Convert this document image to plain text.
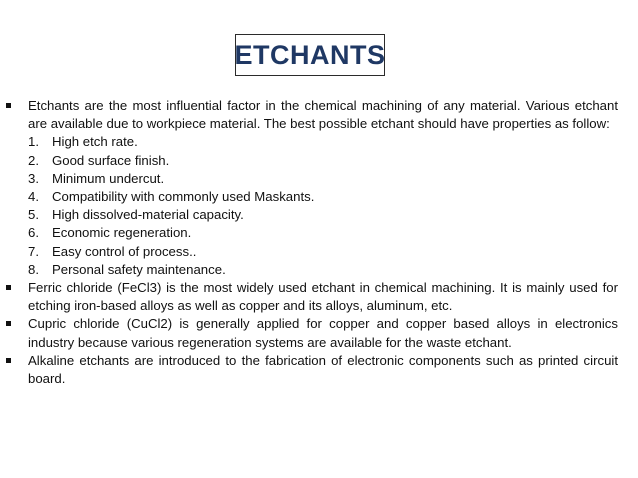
ETCHANTS

Etchants are the most influential factor in the chemical machining of any material. Various etchant are available due to workpiece material. The best possible etchant should have properties as follow:

1. High etch rate.
2. Good surface finish.
3. Minimum undercut.
4. Compatibility with commonly used Maskants.
5. High dissolved-material capacity.
6. Economic regeneration.
7. Easy control of process..
8. Personal safety maintenance.

Ferric chloride (FeCl3) is the most widely used etchant in chemical machining. It is mainly used for etching iron-based alloys as well as copper and its alloys, aluminum, etc.

Cupric chloride (CuCl2) is generally applied for copper and copper based alloys in electronics industry because various regeneration systems are available for the waste etchant.

Alkaline etchants are introduced to the fabrication of electronic components such as printed circuit board.
